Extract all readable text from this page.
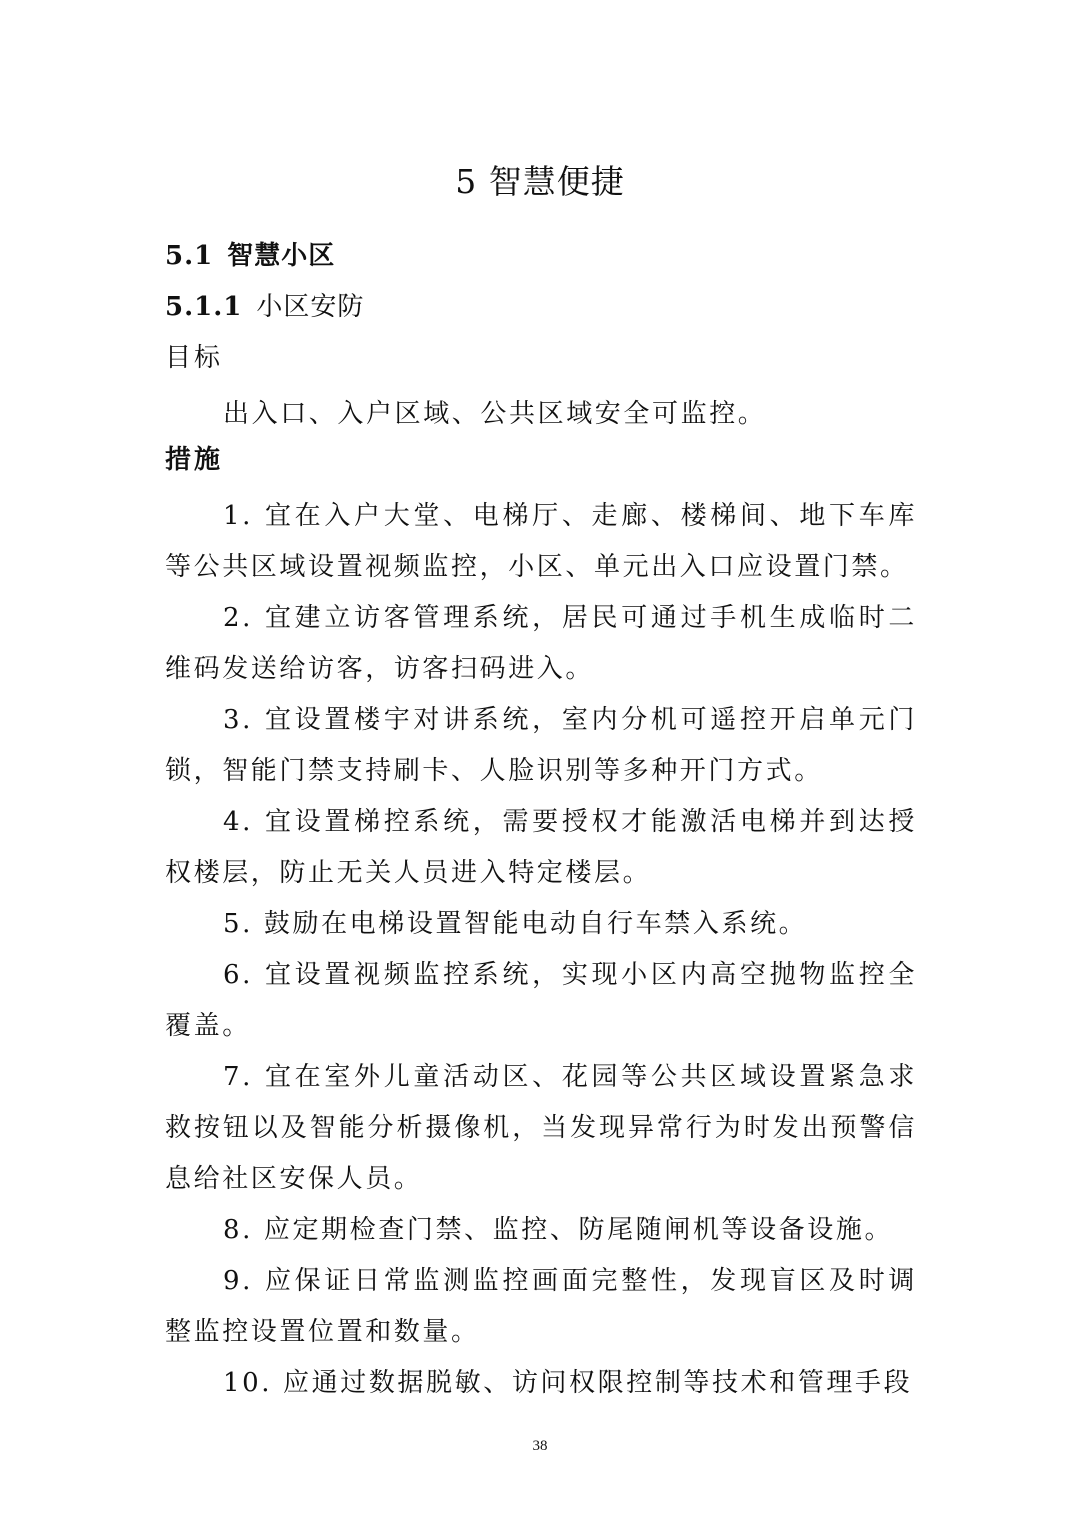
5 智慧便捷
5.1 智慧小区
5.1.1 小区安防
目标
措施

出入口、入户区域、公共区域安全可监控。

1. 宜在入户大堂、电梯厅、走廊、楼梯间、地下车库等公共区域设置视频监控，小区、单元出入口应设置门禁。

2. 宜建立访客管理系统，居民可通过手机生成临时二维码发送给访客，访客扫码进入。

3. 宜设置楼宇对讲系统，室内分机可遥控开启单元门锁，智能门禁支持刷卡、人脸识别等多种开门方式。

4. 宜设置梯控系统，需要授权才能激活电梯并到达授权楼层，防止无关人员进入特定楼层。

5. 鼓励在电梯设置智能电动自行车禁入系统。

6. 宜设置视频监控系统，实现小区内高空抛物监控全覆盖。

7. 宜在室外儿童活动区、花园等公共区域设置紧急求救按钮以及智能分析摄像机，当发现异常行为时发出预警信息给社区安保人员。

8. 应定期检查门禁、监控、防尾随闸机等设备设施。

9. 应保证日常监测监控画面完整性，发现盲区及时调整监控设置位置和数量。

10. 应通过数据脱敏、访问权限控制等技术和管理手段

38
